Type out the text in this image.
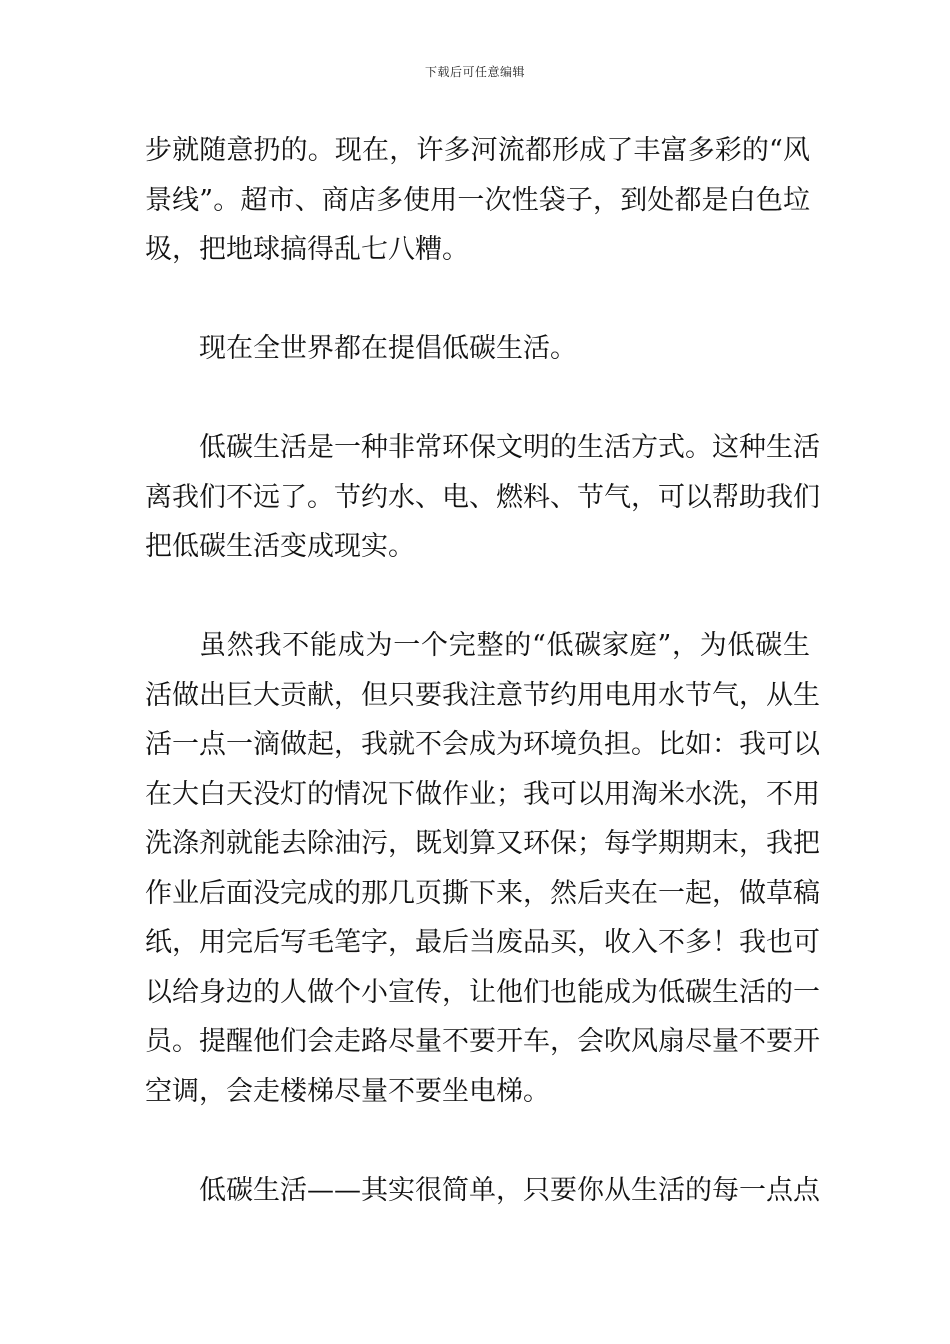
下载后可任意编辑
步就随意扔的。现在，许多河流都形成了丰富多彩的“风
景线”。超市、商店多使用一次性袋子，到处都是白色垃
圾，把地球搞得乱七八糟。
现在全世界都在提倡低碳生活。
低碳生活是一种非常环保文明的生活方式。这种生活
离我们不远了。节约水、电、燃料、节气，可以帮助我们
把低碳生活变成现实。
虽然我不能成为一个完整的“低碳家庭”，为低碳生
活做出巨大贡献，但只要我注意节约用电用水节气，从生
活一点一滴做起，我就不会成为环境负担。比如：我可以
在大白天没灯的情况下做作业；我可以用淘米水洗，不用
洗涤剂就能去除油污，既划算又环保；每学期期末，我把
作业后面没完成的那几页撕下来，然后夹在一起，做草稿
纸，用完后写毛笔字，最后当废品买，收入不多！我也可
以给身边的人做个小宣传，让他们也能成为低碳生活的一
员。提醒他们会走路尽量不要开车，会吹风扇尽量不要开
空调，会走楼梯尽量不要坐电梯。
低碳生活——其实很简单，只要你从生活的每一点点
